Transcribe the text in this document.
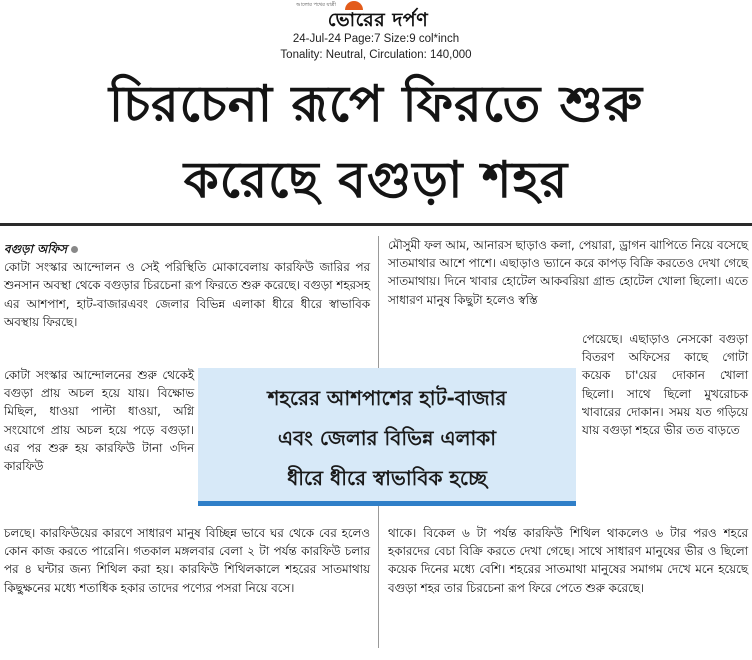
আলোর পথের যাত্রী
ভোরের দর্পণ
24-Jul-24 Page:7 Size:9 col*inch
Tonality: Neutral, Circulation: 140,000
চিরচেনা রূপে ফিরতে শুরু
করেছে বগুড়া শহর

বগুড়া অফিস

কোটা সংস্কার আন্দোলন ও সেই পরিস্থিতি মোকাবেলায় কারফিউ জারির পর শুনসান অবস্থা থেকে বগুড়ার চিরচেনা রূপ ফিরতে শুরু করেছে। বগুড়া শহরসহ এর আশপাশ, হাট-বাজারএবং জেলার বিভিন্ন এলাকা ধীরে ধীরে স্বাভাবিক অবস্থায় ফিরছে।

কোটা সংস্কার আন্দোলনের শুরু থেকেই বগুড়া প্রায় অচল হয়ে যায়। বিক্ষোভ মিছিল, ধাওয়া পাল্টা ধাওয়া, অগ্নি সংযোগে প্রায় অচল হয়ে পড়ে বগুড়া। এর পর শুরু হয় কারফিউ টানা ৩দিন কারফিউ
মৌসুমী ফল আম, আনারস ছাড়াও কলা, পেয়ারা, ড্রাগন ঝাপিতে নিয়ে বসেছে সাতমাথার আশে পাশে। এছাড়াও ভ্যানে করে কাপড় বিক্রি করতেও দেখা গেছে সাতমাথায়। দিনে খাবার হোটেল আকবরিয়া গ্রান্ড হোটেল খোলা ছিলো। এতে সাধারণ মানুষ কিছুটা হলেও স্বস্তি
পেয়েছে। এছাড়াও নেসকো বগুড়া বিতরণ অফিসের কাছে গোটা কয়েক চা'য়ের দোকান খোলা ছিলো। সাথে ছিলো মুখরোচক খাবারের দোকান। সময় যত গড়িয়ে যায় বগুড়া শহরে ভীর তত বাড়তে
শহরের আশপাশের হাট-বাজার
এবং জেলার বিভিন্ন এলাকা
ধীরে ধীরে স্বাভাবিক হচ্ছে
চলছে। কারফিউয়ের কারণে সাধারণ মানুষ বিচ্ছিন্ন ভাবে ঘর থেকে বের হলেও কোন কাজ করতে পারেনি। গতকাল মঙ্গলবার বেলা ২ টা পর্যন্ত কারফিউ চলার পর ৪ ঘন্টার জন্য শিথিল করা হয়। কারফিউ শিথিলকালে শহরের সাতমাথায় কিছুক্ষনের মধ্যে শতাধিক হকার তাদের পণ্যের পসরা নিয়ে বসে।
থাকে। বিকেল ৬ টা পর্যন্ত কারফিউ শিথিল থাকলেও ৬ টার পরও শহরে হকারদের বেচা বিক্রি করতে দেখা গেছে। সাথে সাধারণ মানুষের ভীর ও ছিলো কয়েক দিনের মধ্যে বেশি। শহরের সাতমাথা মানুষের সমাগম দেখে মনে হয়েছে বগুড়া শহর তার চিরচেনা রূপ ফিরে পেতে শুরু করেছে।
